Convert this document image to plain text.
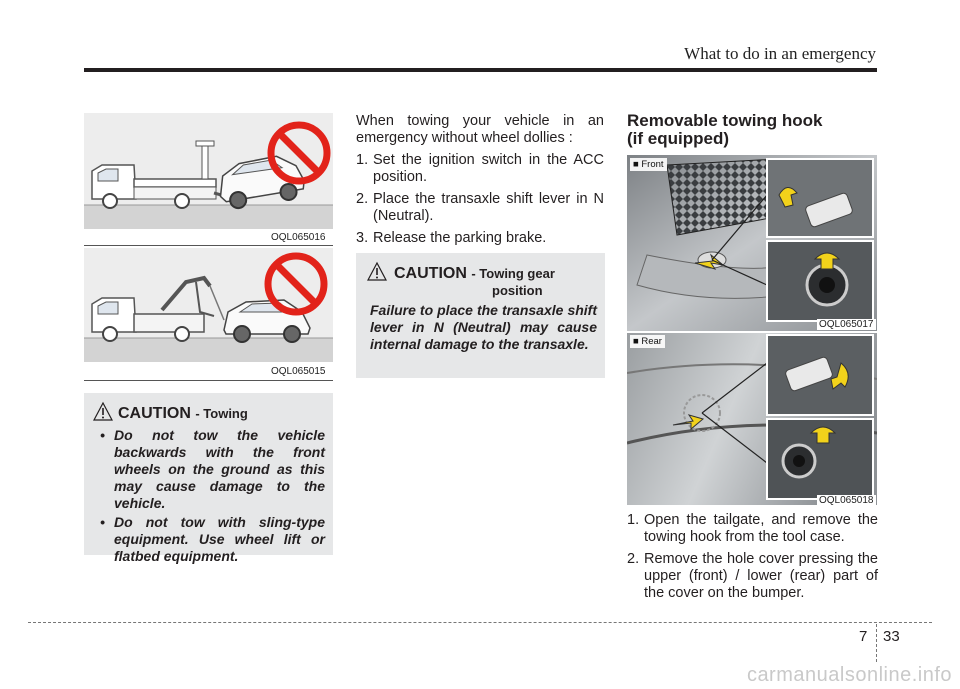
What to do in an emergency
OQL065016
OQL065015
CAUTION - Towing
• Do not tow the vehicle backwards with the front wheels on the ground as this may cause damage to the vehicle.
• Do not tow with sling-type equipment. Use wheel lift or flatbed equipment.
When towing your vehicle in an emergency without wheel dollies :
1. Set the ignition switch in the ACC position.
2. Place the transaxle shift lever in N (Neutral).
3. Release the parking brake.
CAUTION - Towing gear
position
Failure to place the transaxle shift lever in N (Neutral) may cause internal damage to the transaxle.
Removable towing hook
(if equipped)
■ Front
OQL065017
■ Rear
OQL065018
1. Open the tailgate, and remove the towing hook from the tool case.
2. Remove the hole cover pressing the upper (front) / lower (rear) part of the cover on the bumper.
7 33
carmanualsonline.info
